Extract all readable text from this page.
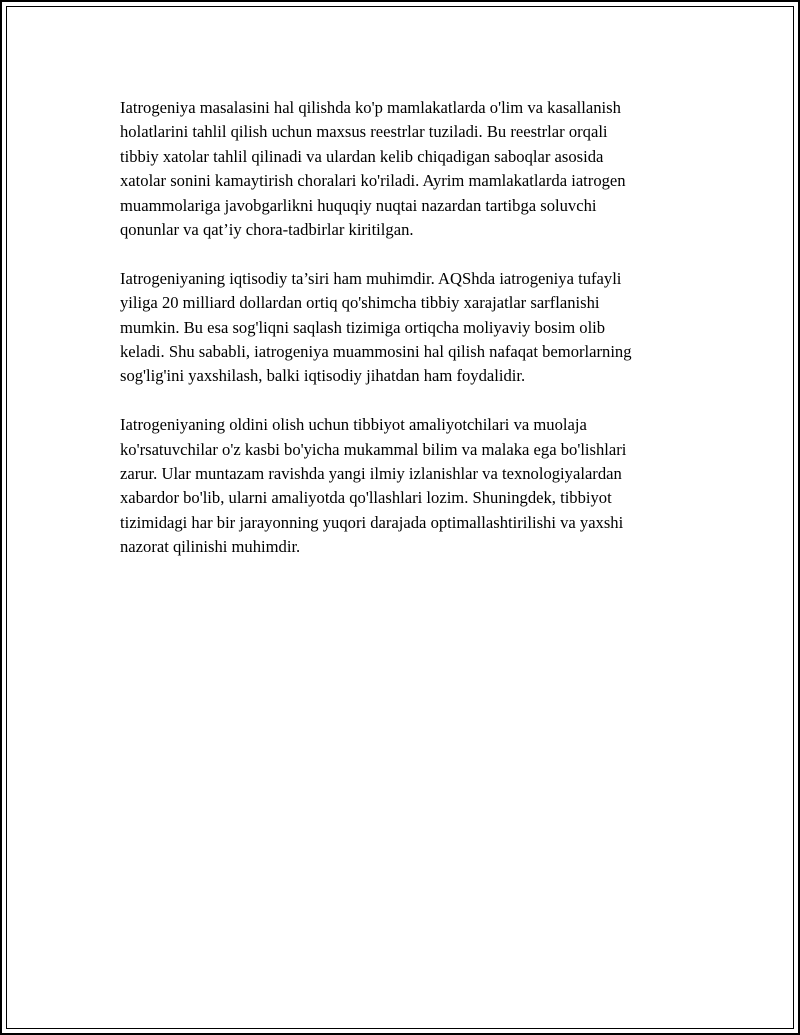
Iatrogeniya masalasini hal qilishda ko'p mamlakatlarda o'lim va kasallanish
holatlarini tahlil qilish uchun maxsus reestrlar tuziladi. Bu reestrlar orqali
tibbiy xatolar tahlil qilinadi va ulardan kelib chiqadigan saboqlar asosida
xatolar sonini kamaytirish choralari ko'riladi. Ayrim mamlakatlarda iatrogen
muammolariga javobgarlikni huquqiy nuqtai nazardan tartibga soluvchi
qonunlar va qat’iy chora-tadbirlar kiritilgan.

Iatrogeniyaning iqtisodiy ta’siri ham muhimdir. AQShda iatrogeniya tufayli
yiliga 20 milliard dollardan ortiq qo'shimcha tibbiy xarajatlar sarflanishi
mumkin. Bu esa sog'liqni saqlash tizimiga ortiqcha moliyaviy bosim olib
keladi. Shu sababli, iatrogeniya muammosini hal qilish nafaqat bemorlarning
sog'lig'ini yaxshilash, balki iqtisodiy jihatdan ham foydalidir.

Iatrogeniyaning oldini olish uchun tibbiyot amaliyotchilari va muolaja
ko'rsatuvchilar o'z kasbi bo'yicha mukammal bilim va malaka ega bo'lishlari
zarur. Ular muntazam ravishda yangi ilmiy izlanishlar va texnologiyalardan
xabardor bo'lib, ularni amaliyotda qo'llashlari lozim. Shuningdek, tibbiyot
tizimidagi har bir jarayonning yuqori darajada optimallashtirilishi va yaxshi
nazorat qilinishi muhimdir.
